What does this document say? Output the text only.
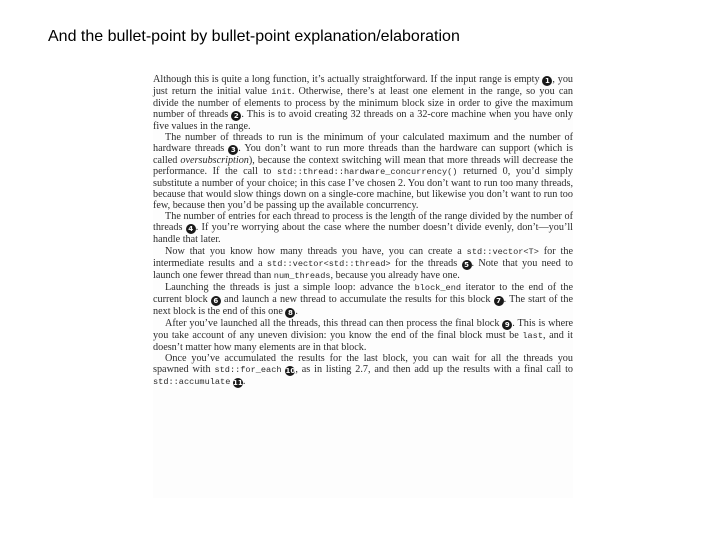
And the bullet-point by bullet-point explanation/elaboration

Although this is quite a long function, it’s actually straightforward. If the input range is empty 1 , you just return the initial value init. Otherwise, there’s at least one element in the range, so you can divide the number of elements to process by the minimum block size in order to give the maximum number of threads 2 . This is to avoid creating 32 threads on a 32-core machine when you have only five values in the range.

The number of threads to run is the minimum of your calculated maximum and the number of hardware threads 3 . You don’t want to run more threads than the hardware can support (which is called oversubscription), because the context switching will mean that more threads will decrease the performance. If the call to std::thread::hardware_concurrency() returned 0, you’d simply substitute a number of your choice; in this case I’ve chosen 2. You don’t want to run too many threads, because that would slow things down on a single-core machine, but likewise you don’t want to run too few, because then you’d be passing up the available concurrency.

The number of entries for each thread to process is the length of the range divided by the number of threads 4 . If you’re worrying about the case where the number doesn’t divide evenly, don’t—you’ll handle that later.

Now that you know how many threads you have, you can create a std::vector<T> for the intermediate results and a std::vector<std::thread> for the threads 5 . Note that you need to launch one fewer thread than num_threads, because you already have one.

Launching the threads is just a simple loop: advance the block_end iterator to the end of the current block 6 and launch a new thread to accumulate the results for this block 7 . The start of the next block is the end of this one 8 .

After you’ve launched all the threads, this thread can then process the final block 9 . This is where you take account of any uneven division: you know the end of the final block must be last, and it doesn’t matter how many elements are in that block.

Once you’ve accumulated the results for the last block, you can wait for all the threads you spawned with std::for_each 10, as in listing 2.7, and then add up the results with a final call to std::accumulate 11.
